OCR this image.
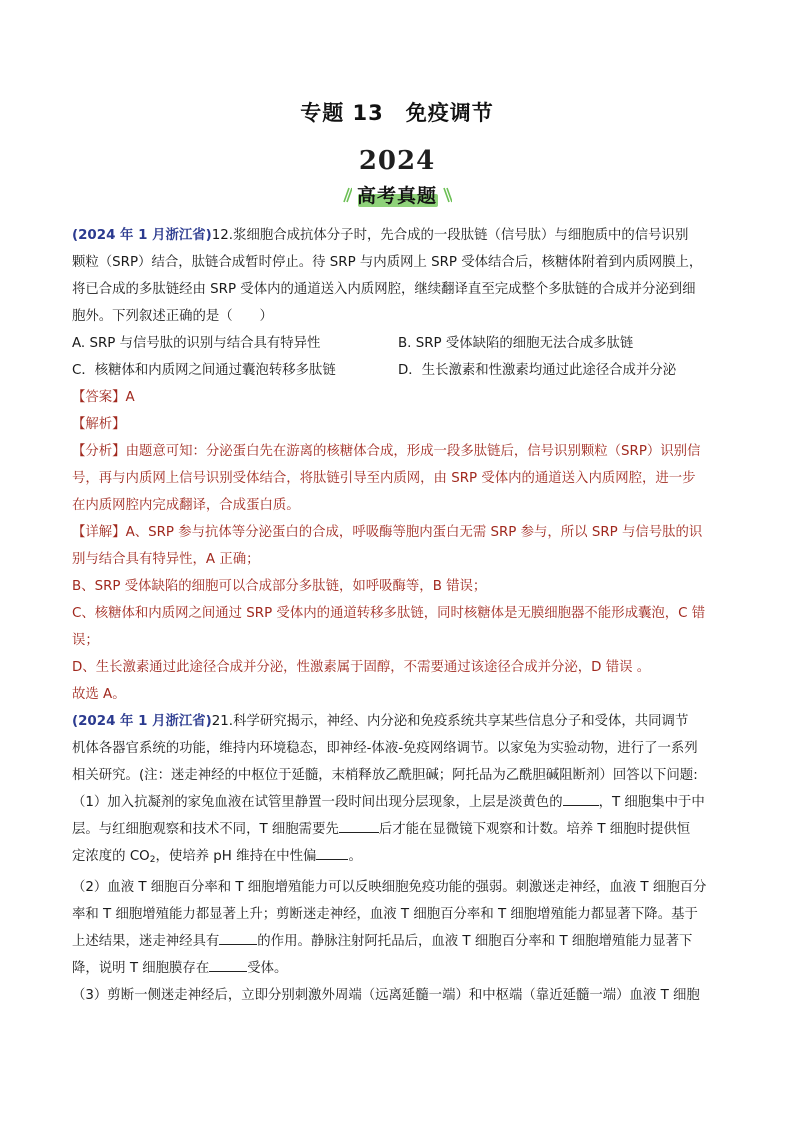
专题 13 免疫调节
2024
高考真题

(2024 年 1 月浙江省)12.浆细胞合成抗体分子时，先合成的一段肽链（信号肽）与细胞质中的信号识别

颗粒（SRP）结合，肽链合成暂时停止。待 SRP 与内质网上 SRP 受体结合后，核糖体附着到内质网膜上，

将已合成的多肽链经由 SRP 受体内的通道送入内质网腔，继续翻译直至完成整个多肽链的合成并分泌到细

胞外。下列叙述正确的是（　　）

A. SRP 与信号肽的识别与结合具有特异性	B. SRP 受体缺陷的细胞无法合成多肽链
C．核糖体和内质网之间通过囊泡转移多肽链	D．生长激素和性激素均通过此途径合成并分泌

【答案】A

【解析】

【分析】由题意可知：分泌蛋白先在游离的核糖体合成，形成一段多肽链后，信号识别颗粒（SRP）识别信

号，再与内质网上信号识别受体结合，将肽链引导至内质网，由 SRP 受体内的通道送入内质网腔，进一步

在内质网腔内完成翻译，合成蛋白质。

【详解】A、SRP 参与抗体等分泌蛋白的合成，呼吸酶等胞内蛋白无需 SRP 参与，所以 SRP 与信号肽的识

别与结合具有特异性，A 正确；

B、SRP 受体缺陷的细胞可以合成部分多肽链，如呼吸酶等，B 错误；

C、核糖体和内质网之间通过 SRP 受体内的通道转移多肽链，同时核糖体是无膜细胞器不能形成囊泡，C 错

误；

D、生长激素通过此途径合成并分泌，性激素属于固醇，不需要通过该途径合成并分泌，D 错误 。

故选 A。

(2024 年 1 月浙江省)21.科学研究揭示，神经、内分泌和免疫系统共享某些信息分子和受体，共同调节

机体各器官系统的功能，维持内环境稳态，即神经-体液-免疫网络调节。以家兔为实验动物，进行了一系列

相关研究。(注：迷走神经的中枢位于延髓，末梢释放乙酰胆碱；阿托品为乙酰胆碱阻断剂）回答以下问题:

（1）加入抗凝剂的家兔血液在试管里静置一段时间出现分层现象，上层是淡黄色的	，T 细胞集中于中

层。与红细胞观察和技术不同，T 细胞需要先	后才能在显微镜下观察和计数。培养 T 细胞时提供恒

定浓度的 $CO_2$，使培养 pH 维持在中性偏 。

（2）血液 T 细胞百分率和 T 细胞增殖能力可以反映细胞免疫功能的强弱。刺激迷走神经，血液 T 细胞百分

率和 T 细胞增殖能力都显著上升；剪断迷走神经，血液 T 细胞百分率和 T 细胞增殖能力都显著下降。基于

上述结果，迷走神经具有	的作用。静脉注射阿托品后，血液 T 细胞百分率和 T 细胞增殖能力显著下

降，说明 T 细胞膜存在	受体。

（3）剪断一侧迷走神经后，立即分别刺激外周端（远离延髓一端）和中枢端（靠近延髓一端）血液 T 细胞
